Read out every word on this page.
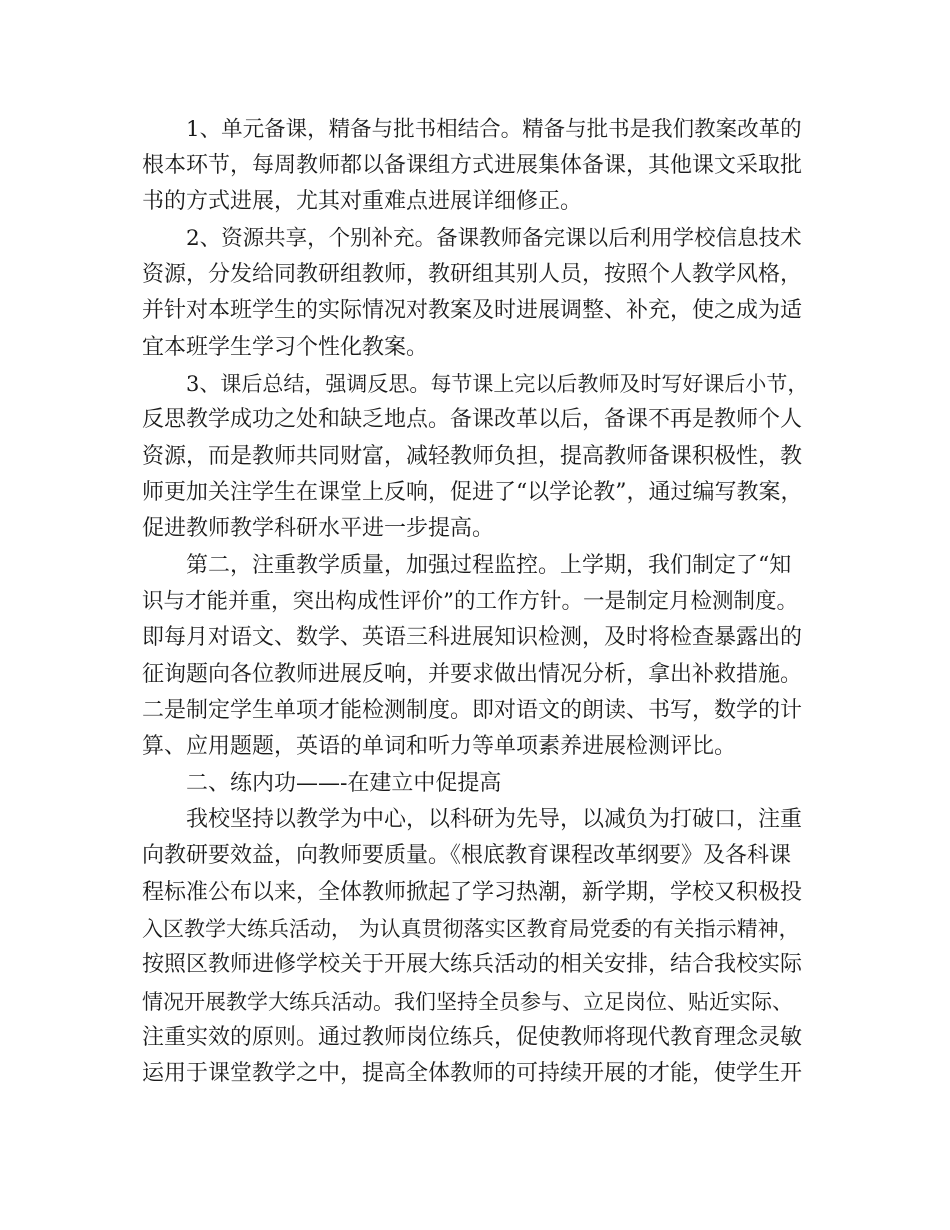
1、单元备课，精备与批书相结合。精备与批书是我们教案改革的

根本环节，每周教师都以备课组方式进展集体备课，其他课文采取批

书的方式进展，尤其对重难点进展详细修正。

2、资源共享，个别补充。备课教师备完课以后利用学校信息技术

资源，分发给同教研组教师，教研组其别人员，按照个人教学风格，

并针对本班学生的实际情况对教案及时进展调整、补充，使之成为适

宜本班学生学习个性化教案。

3、课后总结，强调反思。每节课上完以后教师及时写好课后小节，

反思教学成功之处和缺乏地点。备课改革以后，备课不再是教师个人

资源，而是教师共同财富，减轻教师负担，提高教师备课积极性，教

师更加关注学生在课堂上反响，促进了“以学论教”，通过编写教案，

促进教师教学科研水平进一步提高。

第二，注重教学质量，加强过程监控。上学期，我们制定了“知

识与才能并重，突出构成性评价”的工作方针。一是制定月检测制度。

即每月对语文、数学、英语三科进展知识检测，及时将检查暴露出的

征询题向各位教师进展反响，并要求做出情况分析，拿出补救措施。

二是制定学生单项才能检测制度。即对语文的朗读、书写，数学的计

算、应用题题，英语的单词和听力等单项素养进展检测评比。

二、练内功——-在建立中促提高

我校坚持以教学为中心，以科研为先导，以减负为打破口，注重

向教研要效益，向教师要质量。《根底教育课程改革纲要》及各科课

程标准公布以来，全体教师掀起了学习热潮，新学期，学校又积极投

入区教学大练兵活动， 为认真贯彻落实区教育局党委的有关指示精神，

按照区教师进修学校关于开展大练兵活动的相关安排，结合我校实际

情况开展教学大练兵活动。我们坚持全员参与、立足岗位、贴近实际、

注重实效的原则。通过教师岗位练兵，促使教师将现代教育理念灵敏

运用于课堂教学之中，提高全体教师的可持续开展的才能，使学生开
